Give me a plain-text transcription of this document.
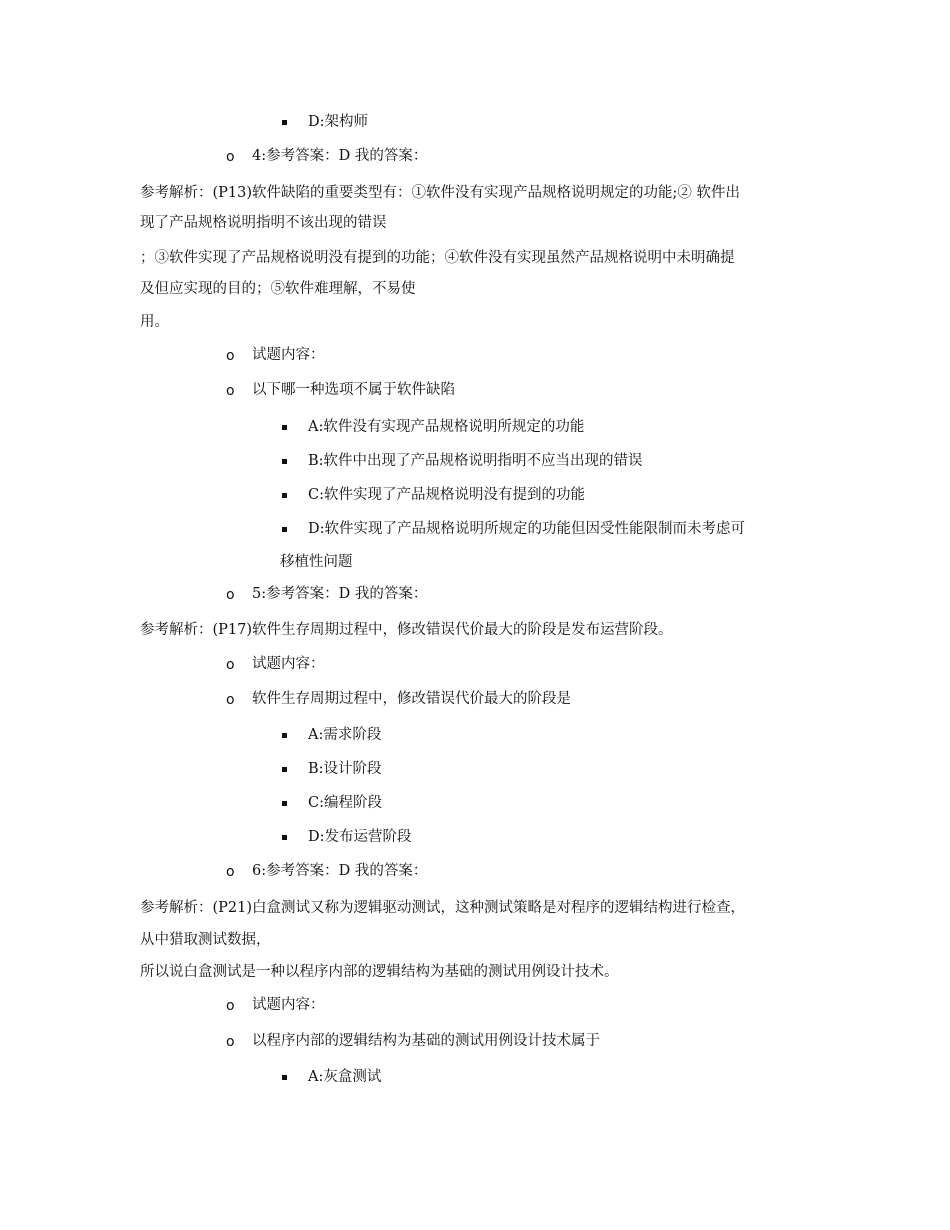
D:架构师
o 4:参考答案：D 我的答案：
参考解析：(P13)软件缺陷的重要类型有：①软件没有实现产品规格说明规定的功能;② 软件出
现了产品规格说明指明不该出现的错误
；③软件实现了产品规格说明没有提到的功能；④软件没有实现虽然产品规格说明中未明确提
及但应实现的目的；⑤软件难理解，不易使
用。
o 试题内容：
o 以下哪一种选项不属于软件缺陷
A:软件没有实现产品规格说明所规定的功能
B:软件中出现了产品规格说明指明不应当出现的错误
C:软件实现了产品规格说明没有提到的功能
D:软件实现了产品规格说明所规定的功能但因受性能限制而未考虑可
移植性问题
o 5:参考答案：D 我的答案：
参考解析：(P17)软件生存周期过程中，修改错误代价最大的阶段是发布运营阶段。
o 试题内容：
o 软件生存周期过程中，修改错误代价最大的阶段是
A:需求阶段
B:设计阶段
C:编程阶段
D:发布运营阶段
o 6:参考答案：D 我的答案：
参考解析：(P21)白盒测试又称为逻辑驱动测试，这种测试策略是对程序的逻辑结构进行检查，
从中猎取测试数据，
所以说白盒测试是一种以程序内部的逻辑结构为基础的测试用例设计技术。
o 试题内容：
o 以程序内部的逻辑结构为基础的测试用例设计技术属于
A:灰盒测试
